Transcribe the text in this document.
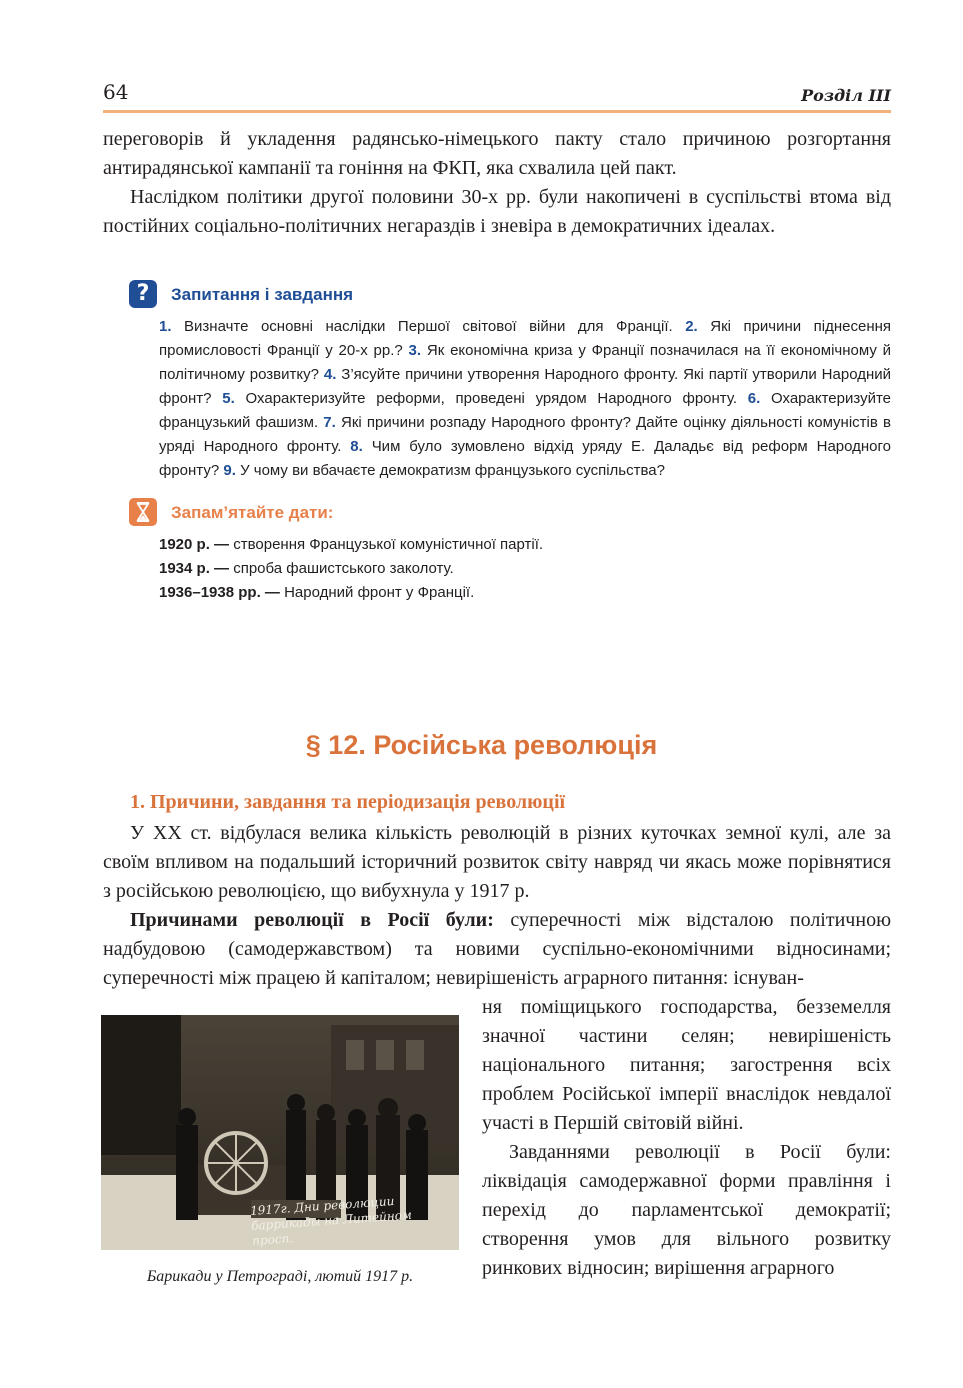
64	Розділ III

переговорів й укладення радянсько-німецького пакту стало причиною розгортання антирадянської кампанії та гоніння на ФКП, яка схвалила цей пакт.

Наслідком політики другої половини 30-х рр. були накопичені в суспільстві втома від постійних соціально-політичних негараздів і зневіра в демократичних ідеалах.

?	Запитання і завдання
1. Визначте основні наслідки Першої світової війни для Франції. 2. Які причини піднесення промисловості Франції у 20-х рр.? 3. Як економічна криза у Франції позначилася на її економічному й політичному розвитку? 4. З’ясуйте причини утворення Народного фронту. Які партії утворили Народний фронт? 5. Охарактеризуйте реформи, проведені урядом Народного фронту. 6. Охарактеризуйте французький фашизм. 7. Які причини розпаду Народного фронту? Дайте оцінку діяльності комуністів в уряді Народного фронту. 8. Чим було зумовлено відхід уряду Е. Даладьє від реформ Народного фронту? 9. У чому ви вбачаєте демократизм французького суспільства?
Запам’ятайте дати:
1920 р. — створення Французької комуністичної партії.
1934 р. — спроба фашистського заколоту.
1936–1938 рр. — Народний фронт у Франції.
§ 12. Російська революція
1. Причини, завдання та періодизація революції

У XX ст. відбулася велика кількість революцій в різних куточках земної кулі, але за своїм впливом на подальший історичний розвиток світу навряд чи якась може порівнятися з російською революцією, що вибухнула у 1917 р.

Причинами революції в Росії були: суперечності між відсталою політичною надбудовою (самодержавством) та новими суспільно-економічними відносинами; суперечності між працею й капіталом; невирішеність аграрного питання: існуван-

1917г. Дни революции баррикады на Литейном просп.
Барикади у Петрограді, лютий 1917 р.

ня поміщицького господарства, безземелля значної частини селян; невирішеність національного питання; загострення всіх проблем Російської імперії внаслідок невдалої участі в Першій світовій війні.

Завданнями революції в Росії були: ліквідація самодержавної форми правління і перехід до парламентської демократії; створення умов для вільного розвитку ринкових відносин; вирішення аграрного
